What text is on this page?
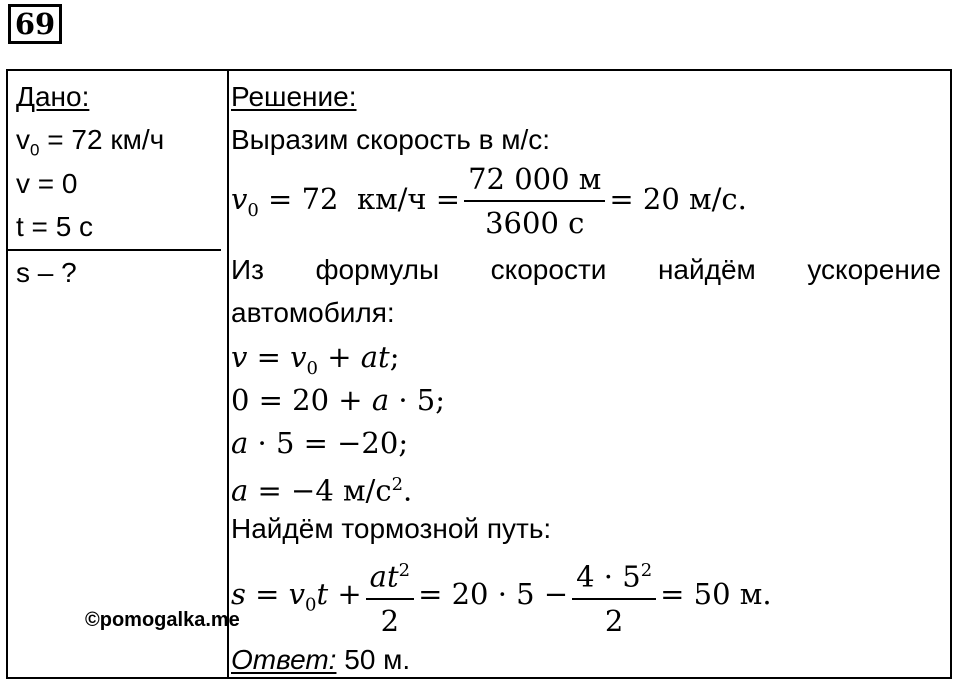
69
Дано:
$v_0 = 72$ км/ч
v = 0
t = 5 с
s – ?
Решение:
Выразим скорость в м/с:
$v_0 = 72$ $км/ч = \frac{72 000 м}{3600 с} = 20$ м/с.
Из формулы скорости найдём ускорение
автомобиля:
$v = v_0$ + at;
0 = 20 + a · 5;
a · 5 = −20;
a = −4 $м/с^2$.
Найдём тормозной путь:
$s = v_0t + \frac{at^2}{2} = 20 \cdot 5 - \frac{4 \cdot 5^2}{2} = 50$ м.
Ответ: 50 м.
©pomogalka.me
